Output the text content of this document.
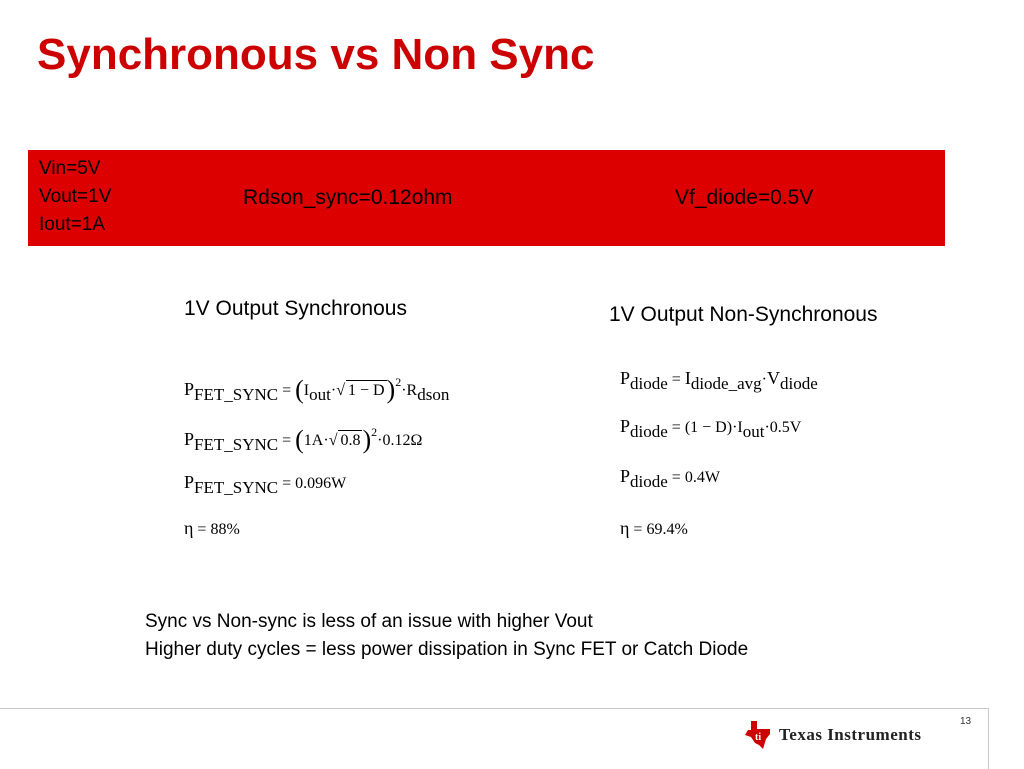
Synchronous vs Non Sync
Vin=5V
Vout=1V
Iout=1A
Rdson_sync=0.12ohm	Vf_diode=0.5V
1V Output Synchronous
$P_{FET\_SYNC} = (I_{out}\cdot√$ $1 - D)^2\cdot R_{dson}$
$P_{FET\_SYNC} = (1A\cdot√$ 0.8)$^2$·0.12Ω
$P_{FET\_SYNC} = 0.096W$
η = 88%
1V Output Non-Synchronous
$P_{diode} = I_{diode\_avg}\cdot V_{diode}$
$P_{diode} = (1 - D)\cdot I_{out}\cdot 0.5V$
$P_{diode} = 0.4W$
η = 69.4%
Sync vs Non-sync is less of an issue with higher Vout
Higher duty cycles = less power dissipation in Sync FET or Catch Diode
13
ti Texas Instruments
